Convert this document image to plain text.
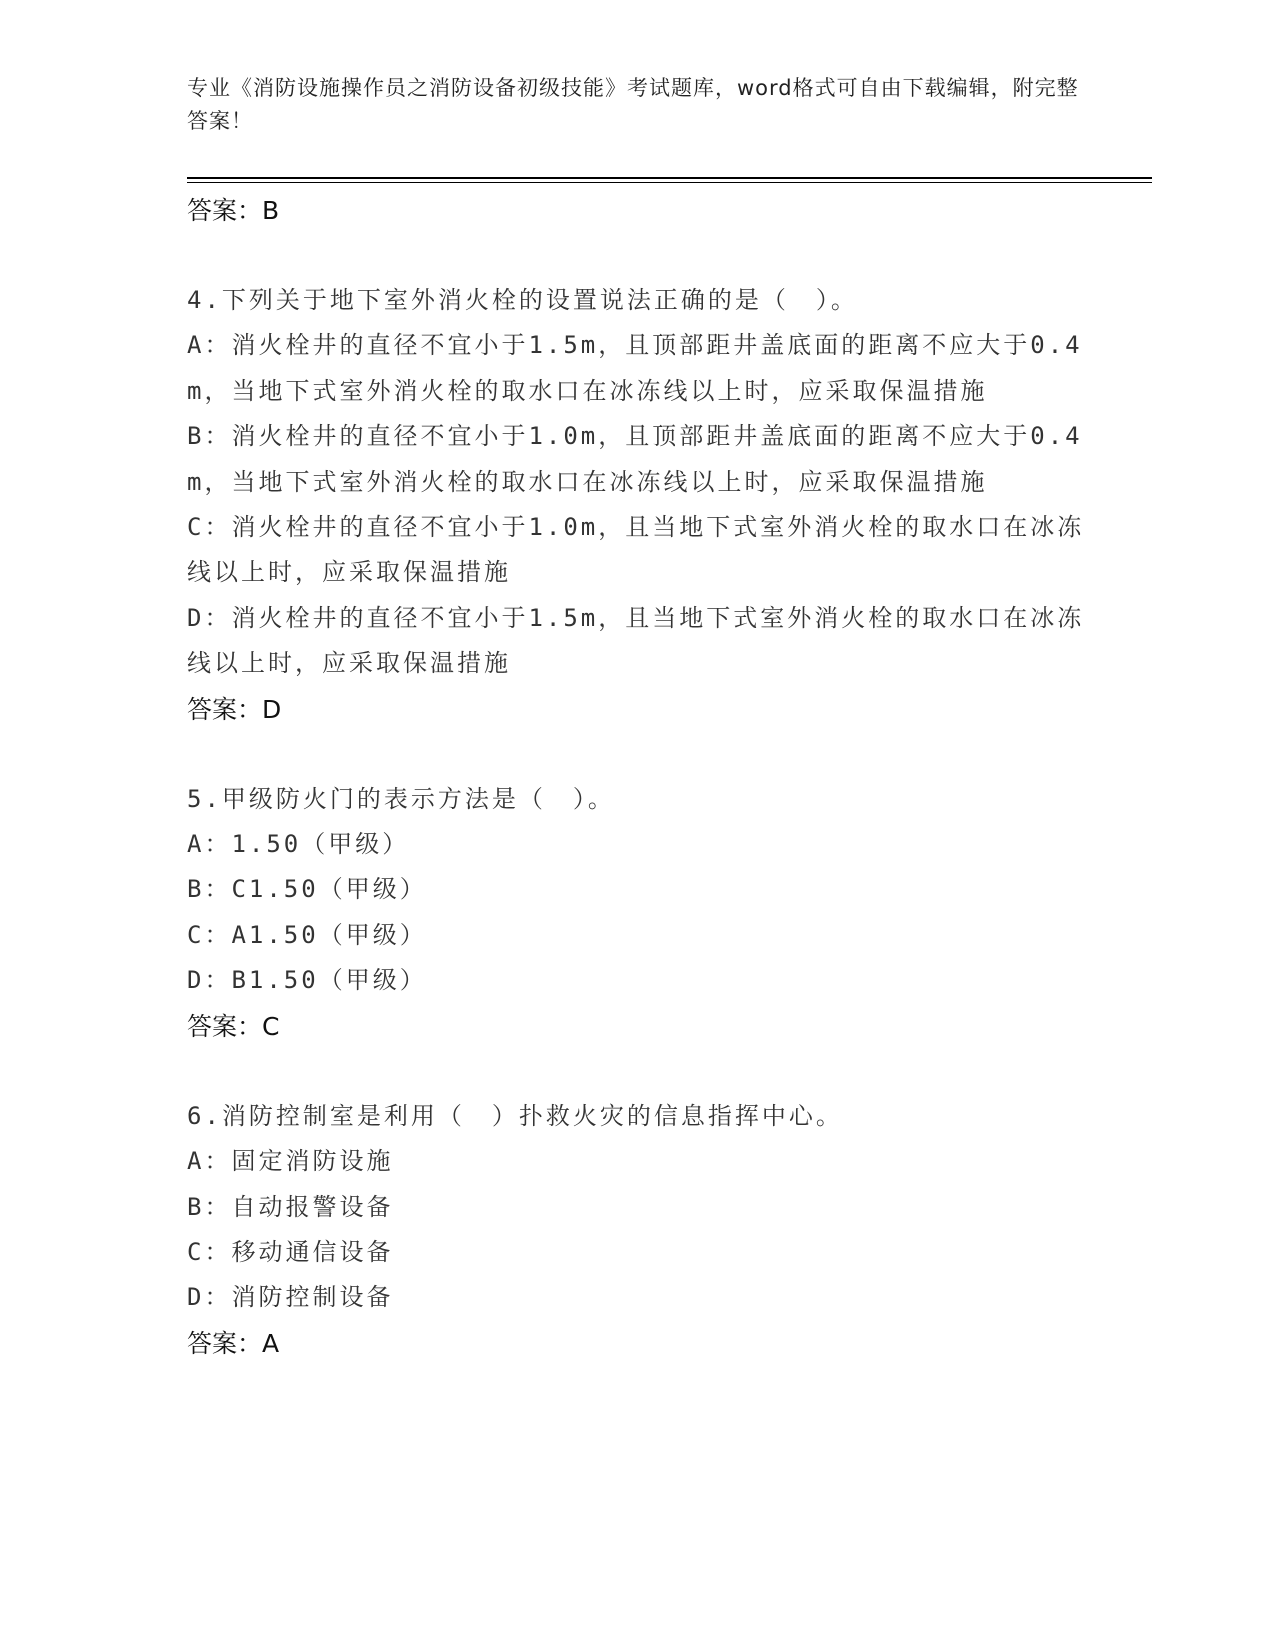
专业《消防设施操作员之消防设备初级技能》考试题库，word格式可自由下载编辑，附完整答案！

答案：B

4.下列关于地下室外消火栓的设置说法正确的是（　）。

A：消火栓井的直径不宜小于1.5m，且顶部距井盖底面的距离不应大于0.4m，当地下式室外消火栓的取水口在冰冻线以上时，应采取保温措施

B：消火栓井的直径不宜小于1.0m，且顶部距井盖底面的距离不应大于0.4m，当地下式室外消火栓的取水口在冰冻线以上时，应采取保温措施

C：消火栓井的直径不宜小于1.0m，且当地下式室外消火栓的取水口在冰冻线以上时，应采取保温措施

D：消火栓井的直径不宜小于1.5m，且当地下式室外消火栓的取水口在冰冻线以上时，应采取保温措施

答案：D

5.甲级防火门的表示方法是（　）。

A：1.50（甲级）

B：C1.50（甲级）

C：A1.50（甲级）

D：B1.50（甲级）

答案：C

6.消防控制室是利用（　）扑救火灾的信息指挥中心。

A：固定消防设施

B：自动报警设备

C：移动通信设备

D：消防控制设备

答案：A
